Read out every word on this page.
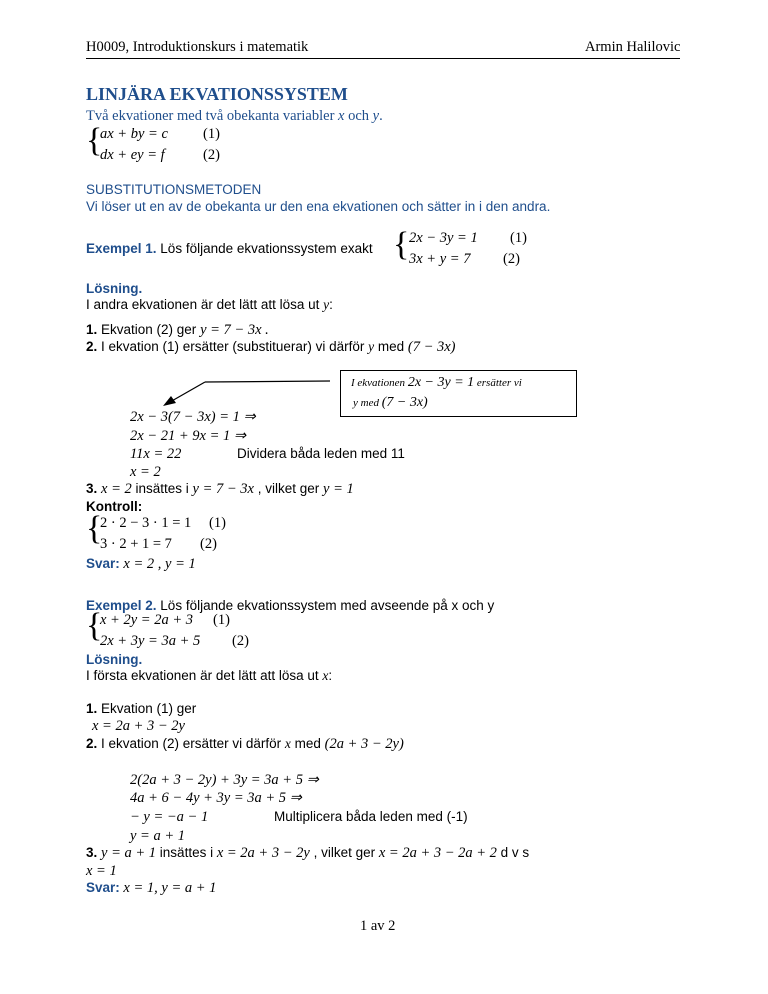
H0009, Introduktionskurs i matematik	Armin Halilovic
LINJÄRA EKVATIONSSYSTEM
Två ekvationer med två obekanta variabler x och y.
{
ax + by = c (1)
dx + ey = f	(2)
SUBSTITUTIONSMETODEN
Vi löser ut en av de obekanta ur den ena ekvationen och sätter in i den andra.
Exempel 1. Lös följande ekvationssystem exakt { 2x − 3y = 1 (1)
3x + y = 7 (2)
Lösning.
I andra ekvationen är det lätt att lösa ut y:
1. Ekvation (2) ger y = 7 − 3x .
2. I ekvation (1) ersätter (substituerar) vi därför y med (7 − 3x)
I ekvationen 2x − 3y = 1 ersätter vi
y med (7 − 3x)
2x − 3(7 − 3x) = 1 ⇒
2x − 21 + 9x = 1 ⇒
11x = 22	Dividera båda leden med 11
x = 2
3. x = 2 insättes i y = 7 − 3x , vilket ger y = 1
Kontroll:
{
2 · 2 − 3 · 1 = 1 (1)
3 · 2 + 1 = 7 (2)
Svar: x = 2 , y = 1
Exempel 2. Lös följande ekvationssystem med avseende på x och y
{
x + 2y = 2a + 3 (1)
2x + 3y = 3a + 5 (2)
Lösning.
I första ekvationen är det lätt att lösa ut x:
1. Ekvation (1) ger
x = 2a + 3 − 2y
2. I ekvation (2) ersätter vi därför x med (2a + 3 − 2y)
2(2a + 3 − 2y) + 3y = 3a + 5 ⇒
4a + 6 − 4y + 3y = 3a + 5 ⇒
− y = −a − 1	Multiplicera båda leden med (-1)
y = a + 1
3. y = a + 1 insättes i x = 2a + 3 − 2y , vilket ger x = 2a + 3 − 2a + 2 d v s
x = 1
Svar: x = 1, y = a + 1
1 av 2
